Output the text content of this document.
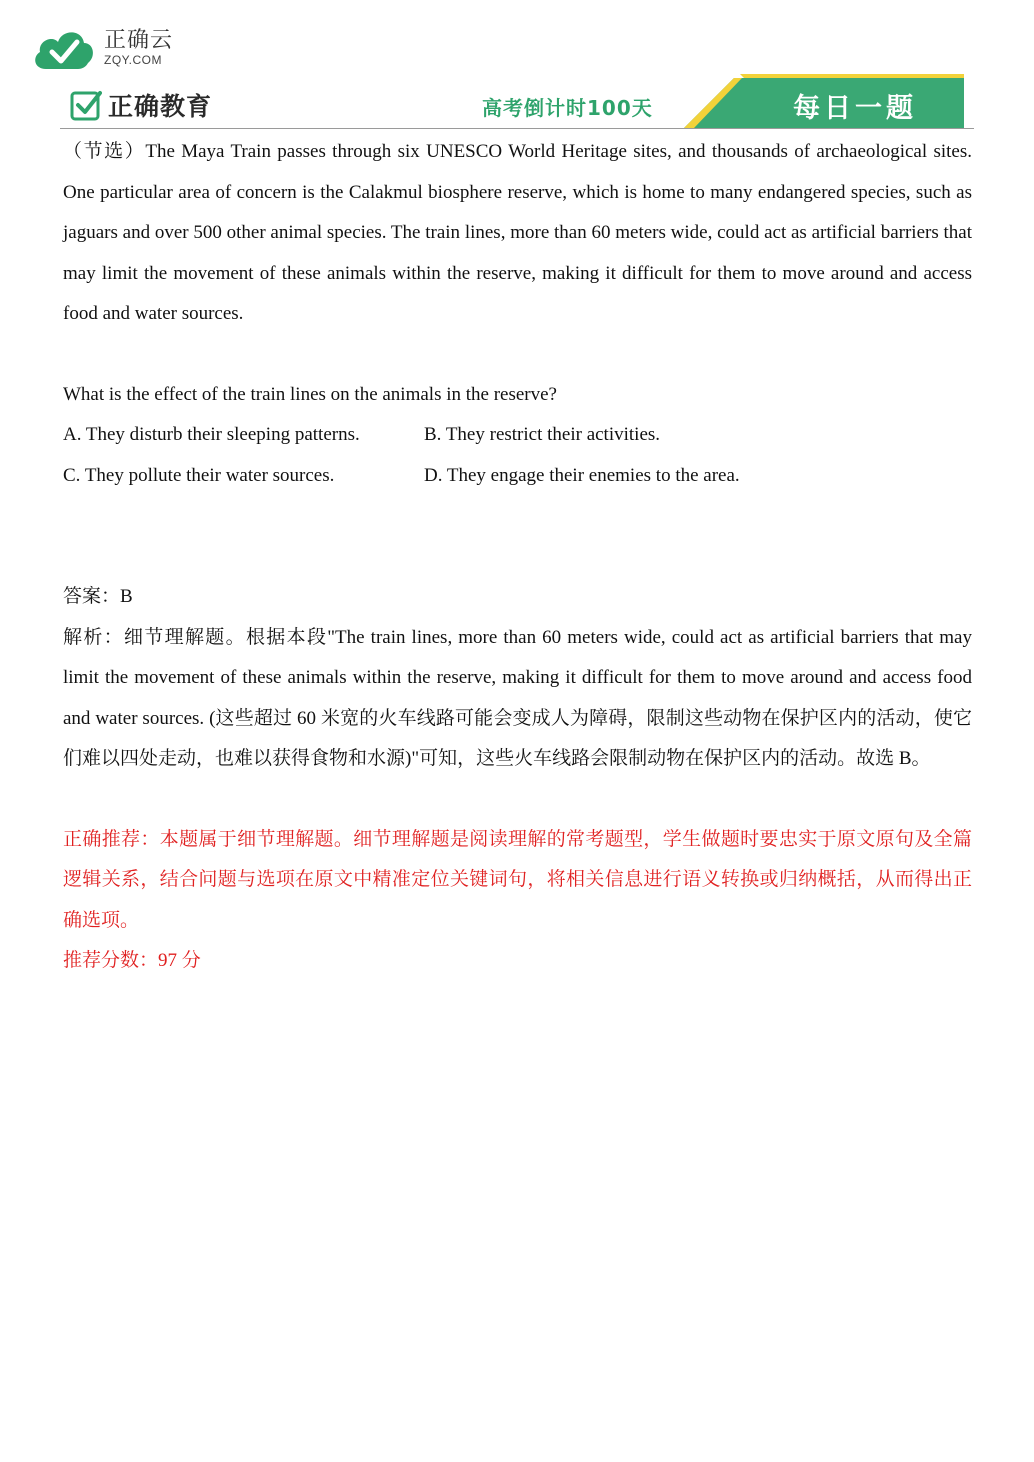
正确云
ZQY.COM
正确教育	高考倒计时100天	每日一题

（节选）The Maya Train passes through six UNESCO World Heritage sites, and thousands of archaeological sites. One particular area of concern is the Calakmul biosphere reserve, which is home to many endangered species, such as jaguars and over 500 other animal species. The train lines, more than 60 meters wide, could act as artificial barriers that may limit the movement of these animals within the reserve, making it difficult for them to move around and access food and water sources.

What is the effect of the train lines on the animals in the reserve?
A. They disturb their sleeping patterns.	B. They restrict their activities.
C. They pollute their water sources.	D. They engage their enemies to the area.
答案：B

解析：细节理解题。根据本段"The train lines, more than 60 meters wide, could act as artificial barriers that may limit the movement of these animals within the reserve, making it difficult for them to move around and access food and water sources. (这些超过 60 米宽的火车线路可能会变成人为障碍，限制这些动物在保护区内的活动，使它们难以四处走动，也难以获得食物和水源)"可知，这些火车线路会限制动物在保护区内的活动。故选 B。

正确推荐：本题属于细节理解题。细节理解题是阅读理解的常考题型，学生做题时要忠实于原文原句及全篇逻辑关系，结合问题与选项在原文中精准定位关键词句，将相关信息进行语义转换或归纳概括，从而得出正确选项。

推荐分数：97 分
